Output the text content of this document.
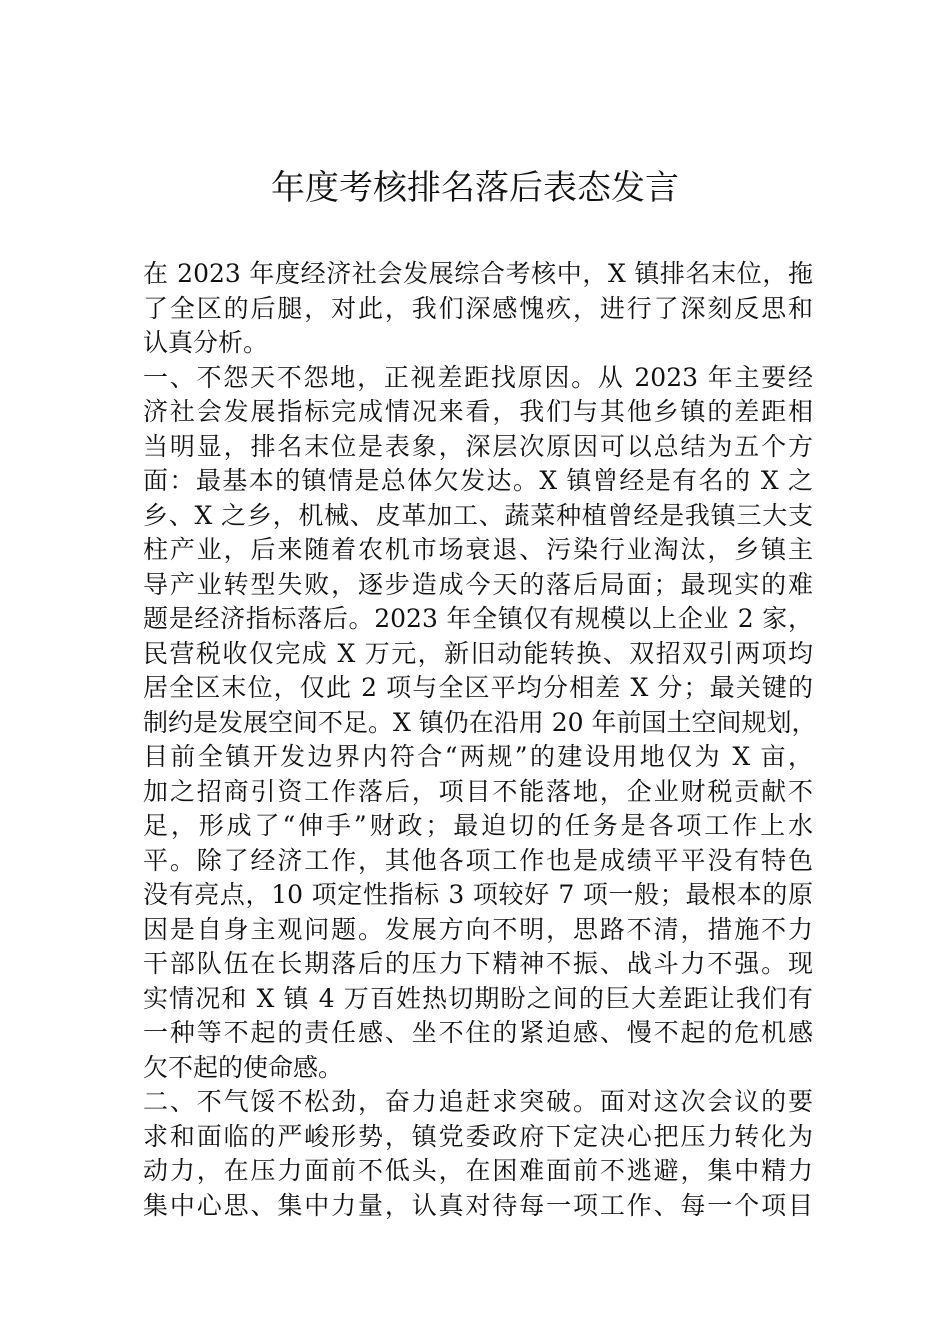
年度考核排名落后表态发言
在 2023 年度经济社会发展综合考核中，X 镇排名末位，拖
了全区的后腿，对此，我们深感愧疚，进行了深刻反思和
认真分析。
一、不怨天不怨地，正视差距找原因。从 2023 年主要经
济社会发展指标完成情况来看，我们与其他乡镇的差距相
当明显，排名末位是表象，深层次原因可以总结为五个方
面：最基本的镇情是总体欠发达。X 镇曾经是有名的 X 之
乡、X 之乡，机械、皮革加工、蔬菜种植曾经是我镇三大支
柱产业，后来随着农机市场衰退、污染行业淘汰，乡镇主
导产业转型失败，逐步造成今天的落后局面；最现实的难
题是经济指标落后。2023 年全镇仅有规模以上企业 2 家，
民营税收仅完成 X 万元，新旧动能转换、双招双引两项均
居全区末位，仅此 2 项与全区平均分相差 X 分；最关键的
制约是发展空间不足。X 镇仍在沿用 20 年前国土空间规划，
目前全镇开发边界内符合“两规”的建设用地仅为 X 亩，
加之招商引资工作落后，项目不能落地，企业财税贡献不
足，形成了“伸手”财政；最迫切的任务是各项工作上水
平。除了经济工作，其他各项工作也是成绩平平没有特色
没有亮点，10 项定性指标 3 项较好 7 项一般；最根本的原
因是自身主观问题。发展方向不明，思路不清，措施不力
干部队伍在长期落后的压力下精神不振、战斗力不强。现
实情况和 X 镇 4 万百姓热切期盼之间的巨大差距让我们有
一种等不起的责任感、坐不住的紧迫感、慢不起的危机感
欠不起的使命感。
二、不气馁不松劲，奋力追赶求突破。面对这次会议的要
求和面临的严峻形势，镇党委政府下定决心把压力转化为
动力，在压力面前不低头，在困难面前不逃避，集中精力
集中心思、集中力量，认真对待每一项工作、每一个项目
